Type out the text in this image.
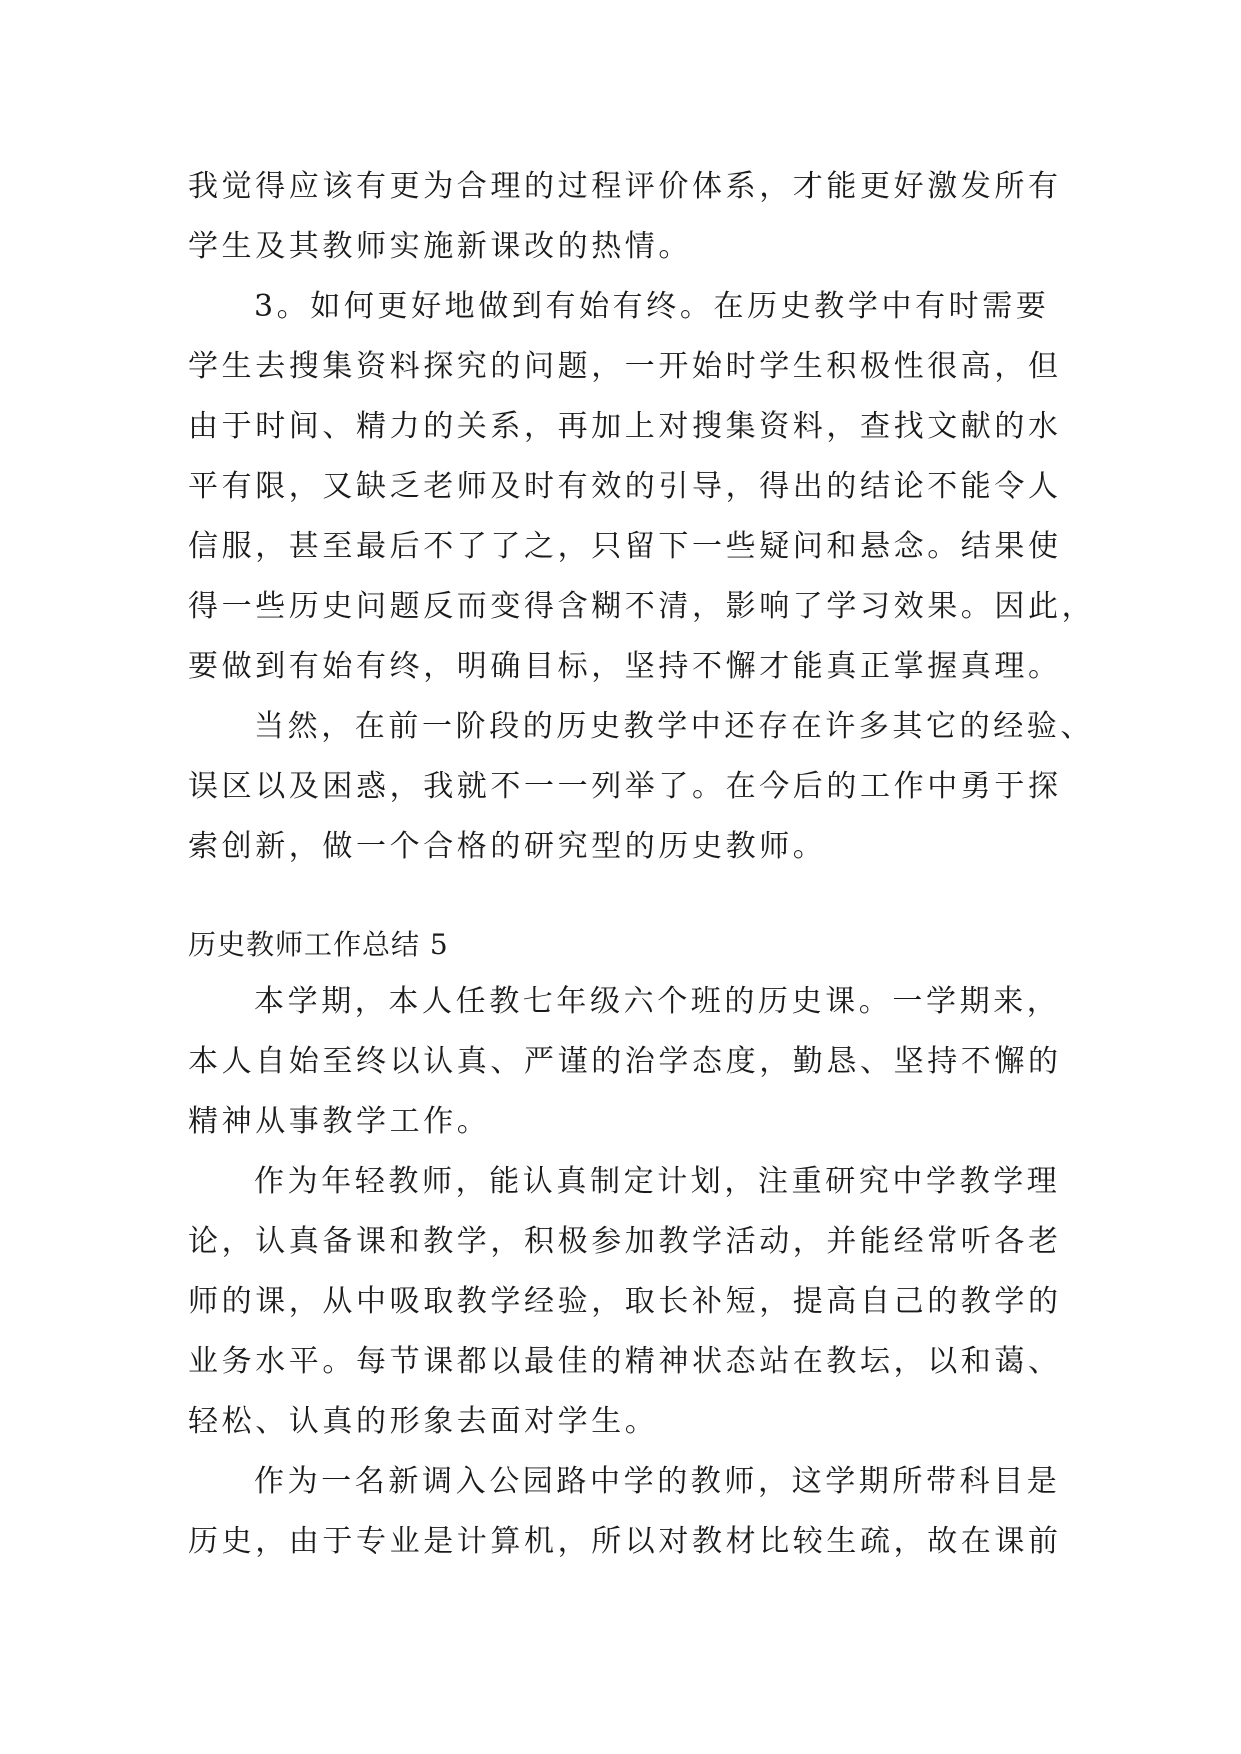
我觉得应该有更为合理的过程评价体系，才能更好激发所有
学生及其教师实施新课改的热情。
3。如何更好地做到有始有终。在历史教学中有时需要
学生去搜集资料探究的问题，一开始时学生积极性很高，但
由于时间、精力的关系，再加上对搜集资料，查找文献的水
平有限，又缺乏老师及时有效的引导，得出的结论不能令人
信服，甚至最后不了了之，只留下一些疑问和悬念。结果使
得一些历史问题反而变得含糊不清，影响了学习效果。因此，
要做到有始有终，明确目标，坚持不懈才能真正掌握真理。
当然，在前一阶段的历史教学中还存在许多其它的经验、
误区以及困惑，我就不一一列举了。在今后的工作中勇于探
索创新，做一个合格的研究型的历史教师。
历史教师工作总结 5
本学期，本人任教七年级六个班的历史课。一学期来，
本人自始至终以认真、严谨的治学态度，勤恳、坚持不懈的
精神从事教学工作。
作为年轻教师，能认真制定计划，注重研究中学教学理
论，认真备课和教学，积极参加教学活动，并能经常听各老
师的课，从中吸取教学经验，取长补短，提高自己的教学的
业务水平。每节课都以最佳的精神状态站在教坛，以和蔼、
轻松、认真的形象去面对学生。
作为一名新调入公园路中学的教师，这学期所带科目是
历史，由于专业是计算机，所以对教材比较生疏，故在课前
